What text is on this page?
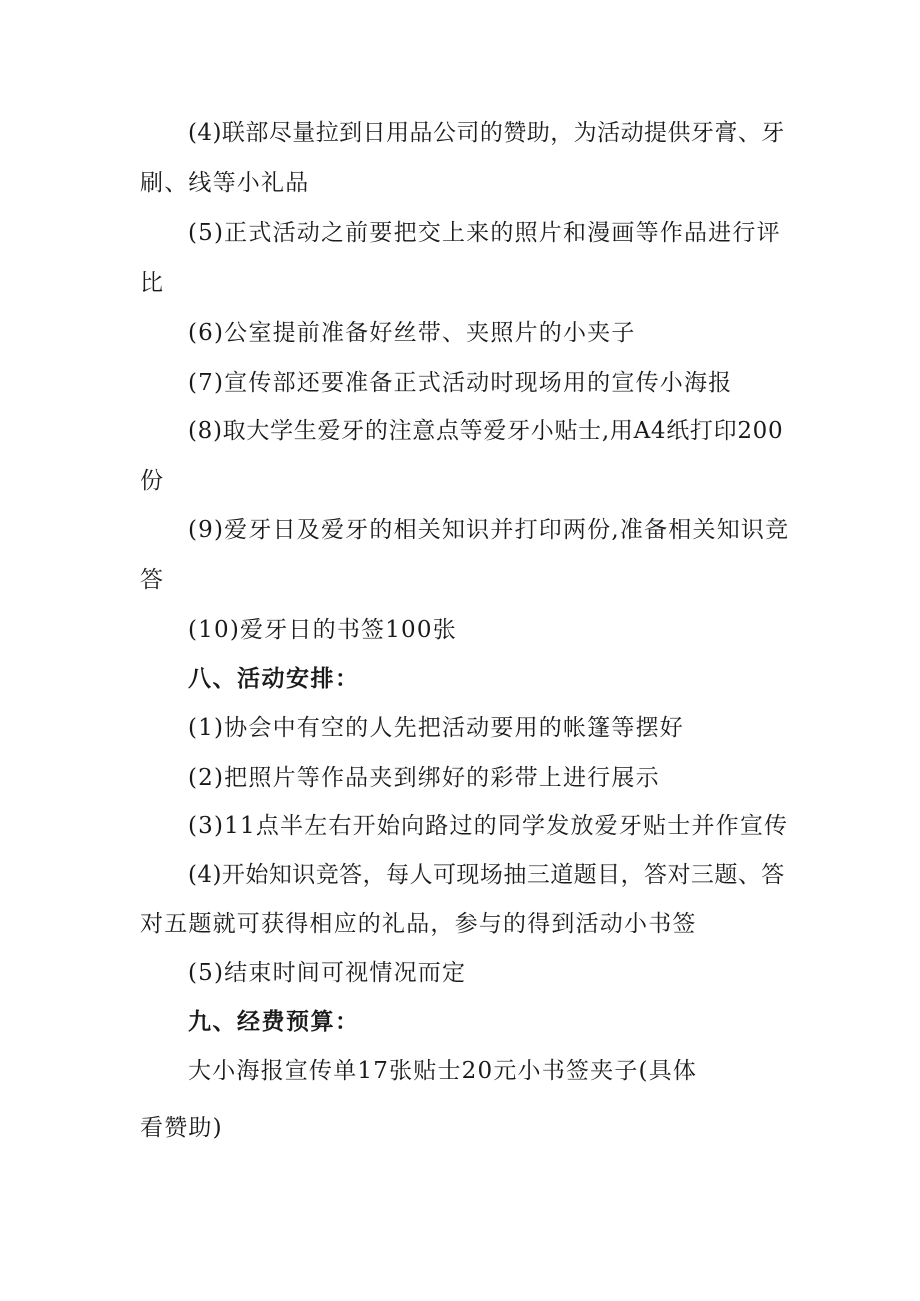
(4)联部尽量拉到日用品公司的赞助，为活动提供牙膏、牙
刷、线等小礼品
(5)正式活动之前要把交上来的照片和漫画等作品进行评
比
(6)公室提前准备好丝带、夹照片的小夹子
(7)宣传部还要准备正式活动时现场用的宣传小海报
(8)取大学生爱牙的注意点等爱牙小贴士,用A4纸打印200
份
(9)爱牙日及爱牙的相关知识并打印两份,准备相关知识竞
答
(10)爱牙日的书签100张
八、活动安排：
(1)协会中有空的人先把活动要用的帐篷等摆好
(2)把照片等作品夹到绑好的彩带上进行展示
(3)11点半左右开始向路过的同学发放爱牙贴士并作宣传
(4)开始知识竞答，每人可现场抽三道题目，答对三题、答
对五题就可获得相应的礼品，参与的得到活动小书签
(5)结束时间可视情况而定
九、经费预算：
大小海报宣传单17张贴士20元小书签夹子(具体
看赞助)
